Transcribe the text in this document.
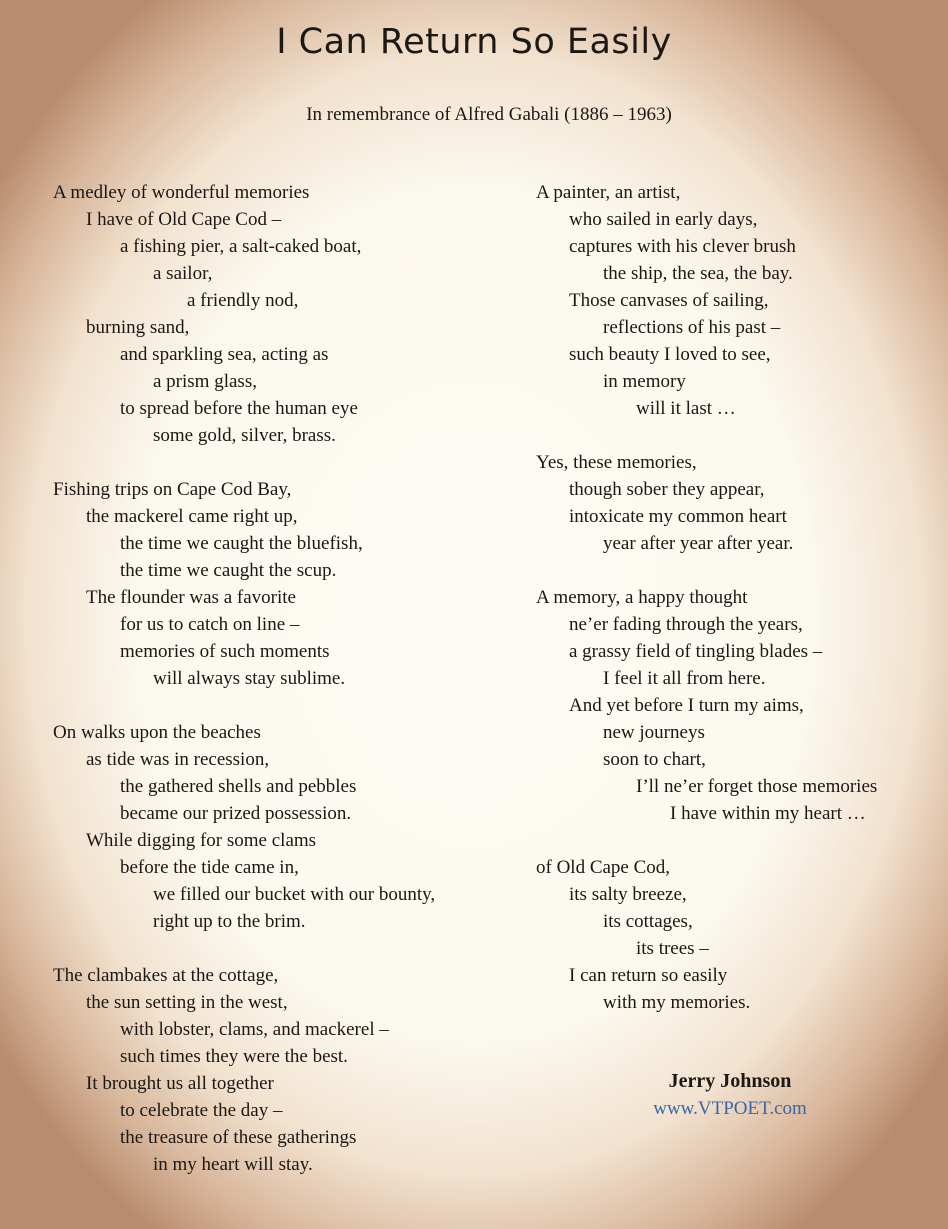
I Can Return So Easily
In remembrance of Alfred Gabali (1886 – 1963)
A medley of wonderful memories
I have of Old Cape Cod –
a fishing pier, a salt-caked boat,
a sailor,
a friendly nod,
burning sand,
and sparkling sea, acting as
a prism glass,
to spread before the human eye
some gold, silver, brass.
Fishing trips on Cape Cod Bay,
the mackerel came right up,
the time we caught the bluefish,
the time we caught the scup.
The flounder was a favorite
for us to catch on line –
memories of such moments
will always stay sublime.
On walks upon the beaches
as tide was in recession,
the gathered shells and pebbles
became our prized possession.
While digging for some clams
before the tide came in,
we filled our bucket with our bounty,
right up to the brim.
The clambakes at the cottage,
the sun setting in the west,
with lobster, clams, and mackerel –
such times they were the best.
It brought us all together
to celebrate the day –
the treasure of these gatherings
in my heart will stay.
A painter, an artist,
who sailed in early days,
captures with his clever brush
the ship, the sea, the bay.
Those canvases of sailing,
reflections of his past –
such beauty I loved to see,
in memory
will it last …
Yes, these memories,
though sober they appear,
intoxicate my common heart
year after year after year.
A memory, a happy thought
ne’er fading through the years,
a grassy field of tingling blades –
I feel it all from here.
And yet before I turn my aims,
new journeys
soon to chart,
I’ll ne’er forget those memories
I have within my heart …
of Old Cape Cod,
its salty breeze,
its cottages,
its trees –
I can return so easily
with my memories.
Jerry Johnson
www.VTPOET.com
